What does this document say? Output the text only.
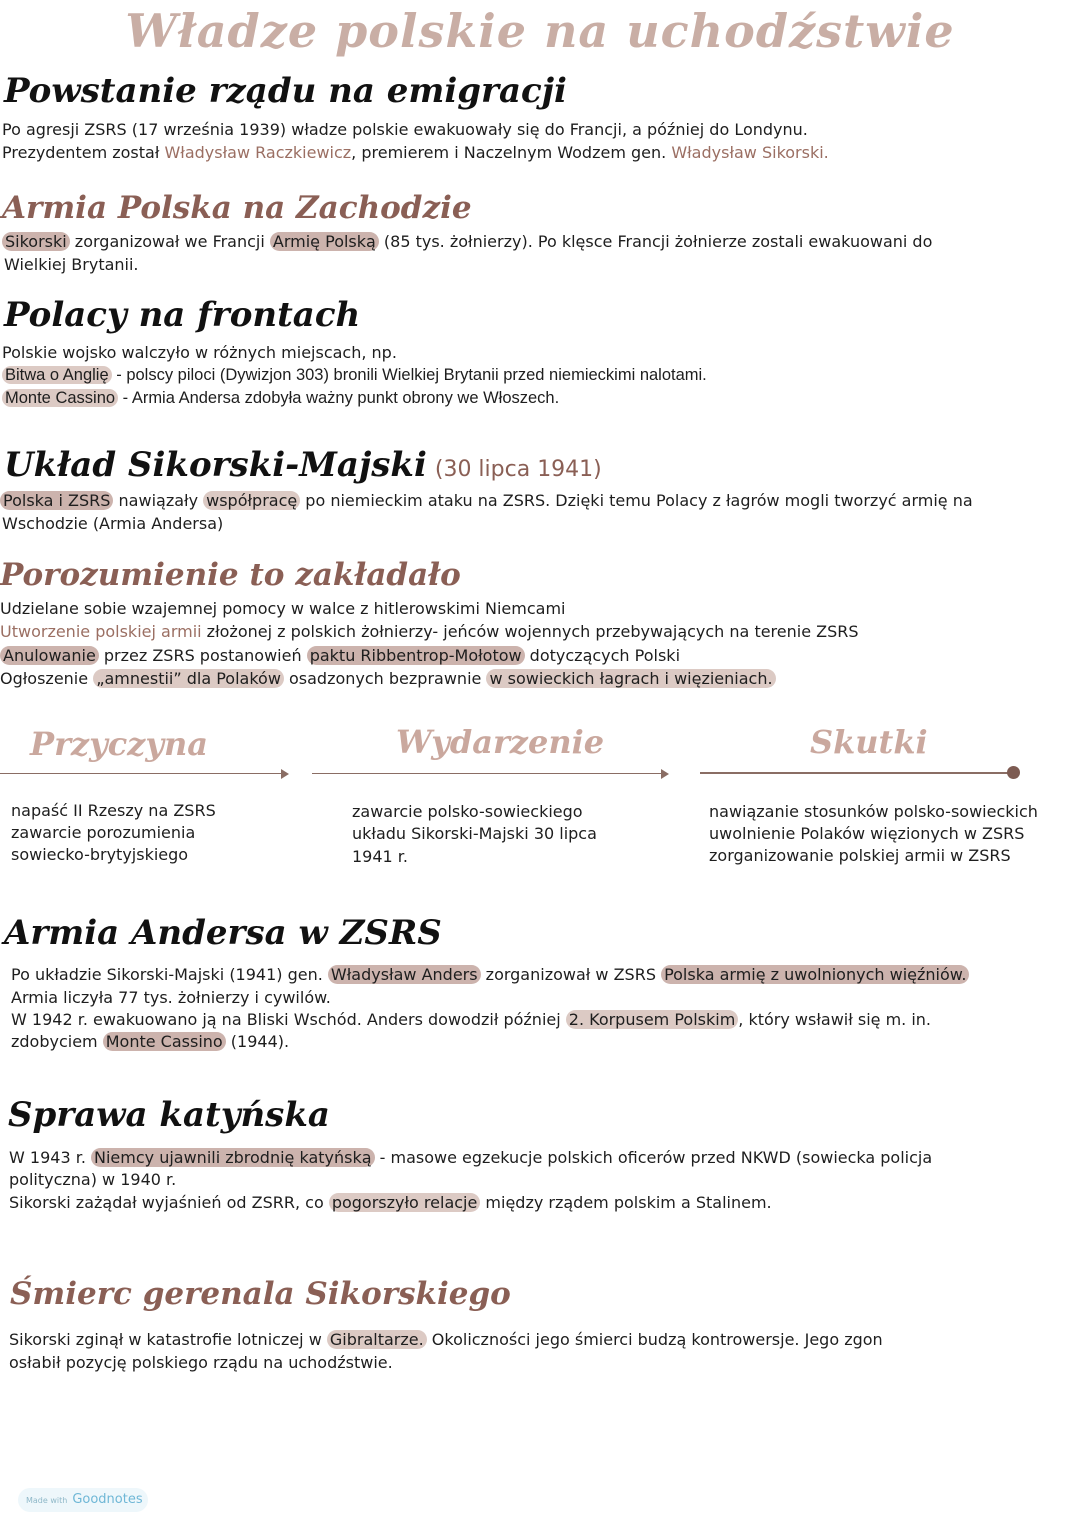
Władze polskie na uchodźstwie
Powstanie rządu na emigracji
Po agresji ZSRS (17 września 1939) władze polskie ewakuowały się do Francji, a później do Londynu.
Prezydentem został Władysław Raczkiewicz, premierem i Naczelnym Wodzem gen. Władysław Sikorski.
Armia Polska na Zachodzie
Sikorski zorganizował we Francji Armię Polską (85 tys. żołnierzy). Po klęsce Francji żołnierze zostali ewakuowani do
Wielkiej Brytanii.
Polacy na frontach
Polskie wojsko walczyło w różnych miejscach, np.
Bitwa o Anglię - polscy piloci (Dywizjon 303) bronili Wielkiej Brytanii przed niemieckimi nalotami.
Monte Cassino - Armia Andersa zdobyła ważny punkt obrony we Włoszech.
Układ Sikorski-Majski (30 lipca 1941)
Polska i ZSRS nawiązały współpracę po niemieckim ataku na ZSRS. Dzięki temu Polacy z łagrów mogli tworzyć armię na
Wschodzie (Armia Andersa)
Porozumienie to zakładało
Udzielane sobie wzajemnej pomocy w walce z hitlerowskimi Niemcami
Utworzenie polskiej armii złożonej z polskich żołnierzy- jeńców wojennych przebywających na terenie ZSRS
Anulowanie przez ZSRS postanowień paktu Ribbentrop-Mołotow dotyczących Polski
Ogłoszenie „amnestii” dla Polaków osadzonych bezprawnie w sowieckich łagrach i więzieniach.
Przyczyna	Wydarzenie	Skutki
napaść II Rzeszy na ZSRS
zawarcie porozumienia
sowiecko-brytyjskiego
zawarcie polsko-sowieckiego
układu Sikorski-Majski 30 lipca
1941 r.
nawiązanie stosunków polsko-sowieckich
uwolnienie Polaków więzionych w ZSRS
zorganizowanie polskiej armii w ZSRS
Armia Andersa w ZSRS
Po układzie Sikorski-Majski (1941) gen. Władysław Anders zorganizował w ZSRS Polska armię z uwolnionych więźniów.
Armia liczyła 77 tys. żołnierzy i cywilów.
W 1942 r. ewakuowano ją na Bliski Wschód. Anders dowodził później 2. Korpusem Polskim , który wsławił się m. in.
zdobyciem Monte Cassino (1944).
Sprawa katyńska
W 1943 r. Niemcy ujawnili zbrodnię katyńską - masowe egzekucje polskich oficerów przed NKWD (sowiecka policja
polityczna) w 1940 r.
Sikorski zażądał wyjaśnień od ZSRR, co pogorszyło relacje między rządem polskim a Stalinem.
Śmierc gerenala Sikorskiego
Sikorski zginął w katastrofie lotniczej w Gibraltarze. Okoliczności jego śmierci budzą kontrowersje. Jego zgon
osłabił pozycję polskiego rządu na uchodźstwie.
Made with Goodnotes
